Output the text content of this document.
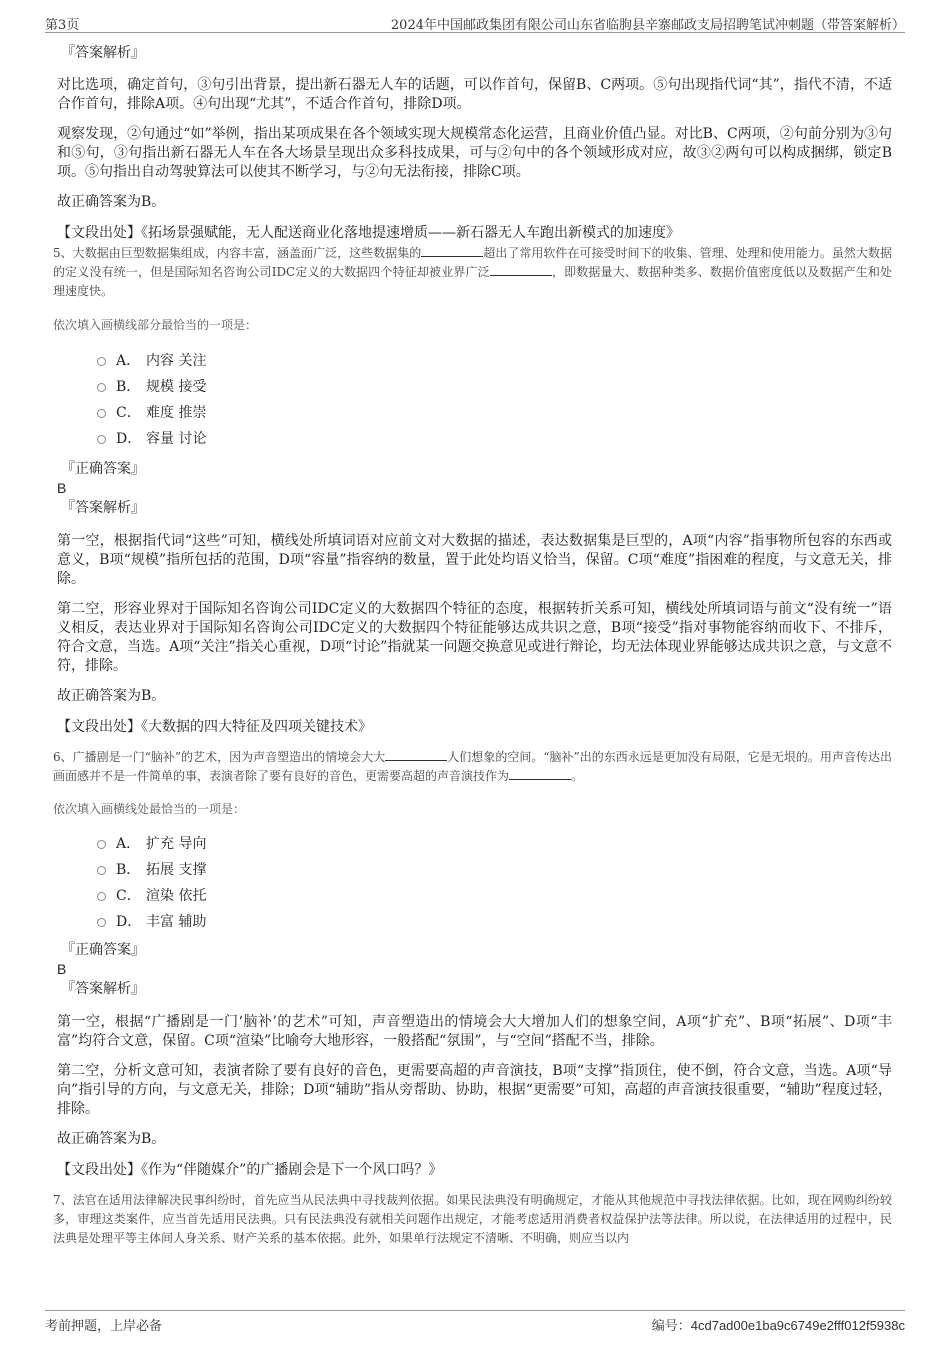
第3页	2024年中国邮政集团有限公司山东省临朐县辛寨邮政支局招聘笔试冲刺题（带答案解析）

『答案解析』

对比选项，确定首句，③句引出背景，提出新石器无人车的话题，可以作首句，保留B、C两项。⑤句出现指代词“其”，指代不清，不适合作首句，排除A项。④句出现“尤其”，不适合作首句，排除D项。

观察发现，②句通过“如”举例，指出某项成果在各个领域实现大规模常态化运营，且商业价值凸显。对比B、C两项，②句前分别为③句和⑤句，③句指出新石器无人车在各大场景呈现出众多科技成果，可与②句中的各个领域形成对应，故③②两句可以构成捆绑，锁定B项。⑤句指出自动驾驶算法可以使其不断学习，与②句无法衔接，排除C项。

故正确答案为B。

【文段出处】《拓场景强赋能，无人配送商业化落地提速增质——新石器无人车跑出新模式的加速度》

5、大数据由巨型数据集组成，内容丰富，涵盖面广泛，这些数据集的	超出了常用软件在可接受时间下的收集、管理、处理和使用能力。虽然大数据的定义没有统一，但是国际知名咨询公司IDC定义的大数据四个特征却被业界广泛	，即数据量大、数据种类多、数据价值密度低以及数据产生和处理速度快。

依次填入画横线部分最恰当的一项是：

A． 内容 关注
B． 规模 接受
C． 难度 推崇
D． 容量 讨论

『正确答案』

B

『答案解析』

第一空，根据指代词“这些”可知，横线处所填词语对应前文对大数据的描述，表达数据集是巨型的，A项“内容”指事物所包容的东西或意义，B项“规模”指所包括的范围，D项“容量”指容纳的数量，置于此处均语义恰当，保留。C项“难度”指困难的程度，与文意无关，排除。

第二空，形容业界对于国际知名咨询公司IDC定义的大数据四个特征的态度，根据转折关系可知，横线处所填词语与前文“没有统一”语义相反，表达业界对于国际知名咨询公司IDC定义的大数据四个特征能够达成共识之意，B项“接受”指对事物能容纳而收下、不排斥，符合文意，当选。A项“关注”指关心重视，D项“讨论”指就某一问题交换意见或进行辩论，均无法体现业界能够达成共识之意，与文意不符，排除。

故正确答案为B。

【文段出处】《大数据的四大特征及四项关键技术》

6、广播剧是一门“脑补”的艺术，因为声音塑造出的情境会大大	人们想象的空间。“脑补”出的东西永远是更加没有局限，它是无垠的。用声音传达出画面感并不是一件简单的事，表演者除了要有良好的音色，更需要高超的声音演技作为	。

依次填入画横线处最恰当的一项是：

A． 扩充 导向
B． 拓展 支撑
C． 渲染 依托
D． 丰富 辅助

『正确答案』

B

『答案解析』

第一空，根据“广播剧是一门‘脑补’的艺术”可知，声音塑造出的情境会大大增加人们的想象空间，A项“扩充”、B项“拓展”、D项“丰富”均符合文意，保留。C项“渲染”比喻夸大地形容，一般搭配“氛围”，与“空间”搭配不当，排除。

第二空，分析文意可知，表演者除了要有良好的音色，更需要高超的声音演技，B项“支撑”指顶住，使不倒，符合文意，当选。A项“导向”指引导的方向，与文意无关，排除；D项“辅助”指从旁帮助、协助，根据“更需要”可知，高超的声音演技很重要，“辅助”程度过轻，排除。

故正确答案为B。

【文段出处】《作为“伴随媒介”的广播剧会是下一个风口吗？》

7、法官在适用法律解决民事纠纷时，首先应当从民法典中寻找裁判依据。如果民法典没有明确规定，才能从其他规范中寻找法律依据。比如，现在网购纠纷较多，审理这类案件，应当首先适用民法典。只有民法典没有就相关问题作出规定，才能考虑适用消费者权益保护法等法律。所以说，在法律适用的过程中，民法典是处理平等主体间人身关系、财产关系的基本依据。此外，如果单行法规定不清晰、不明确，则应当以内

考前押题，上岸必备	编号：4cd7ad00e1ba9c6749e2fff012f5938c
